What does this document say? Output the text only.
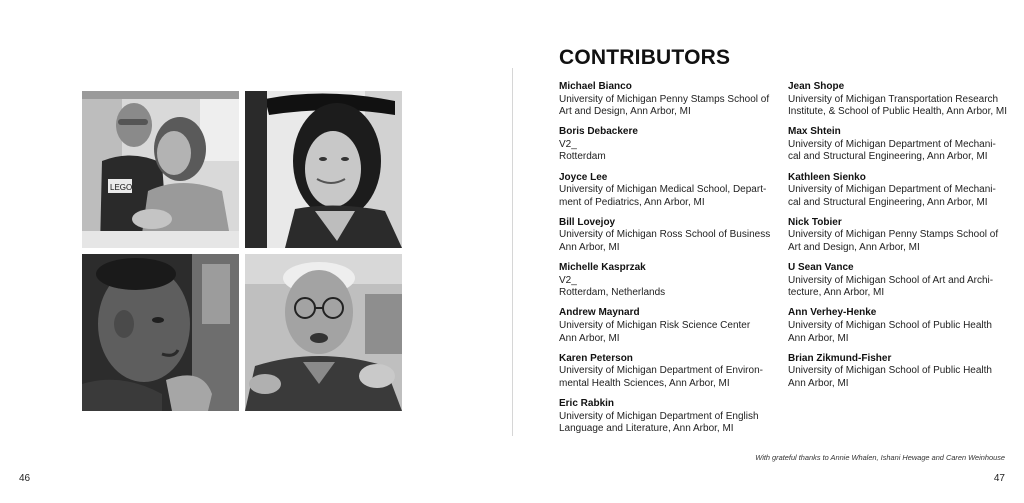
LEGO
CONTRIBUTORS
Michael Bianco
University of Michigan Penny Stamps School of
Art and Design, Ann Arbor, MI
Boris Debackere
V2_
Rotterdam
Joyce Lee
University of Michigan Medical School, Depart-
ment of Pediatrics, Ann Arbor, MI
Bill Lovejoy
University of Michigan Ross School of Business
Ann Arbor, MI
Michelle Kasprzak
V2_
Rotterdam, Netherlands
Andrew Maynard
University of Michigan Risk Science Center
Ann Arbor, MI
Karen Peterson
University of Michigan Department of Environ-
mental Health Sciences, Ann Arbor, MI
Eric Rabkin
University of Michigan Department of English
Language and Literature, Ann Arbor, MI
Jean Shope
University of Michigan Transportation Research
Institute, & School of Public Health, Ann Arbor, MI
Max Shtein
University of Michigan Department of Mechani-
cal and Structural Engineering, Ann Arbor, MI
Kathleen Sienko
University of Michigan Department of Mechani-
cal and Structural Engineering, Ann Arbor, MI
Nick Tobier
University of Michigan Penny Stamps School of
Art and Design, Ann Arbor, MI
U Sean Vance
University of Michigan School of Art and Archi-
tecture, Ann Arbor, MI
Ann Verhey-Henke
University of Michigan School of Public Health
Ann Arbor, MI
Brian Zikmund-Fisher
University of Michigan School of Public Health
Ann Arbor, MI
With grateful thanks to Annie Whalen, Ishani Hewage and Caren Weinhouse
46	47
